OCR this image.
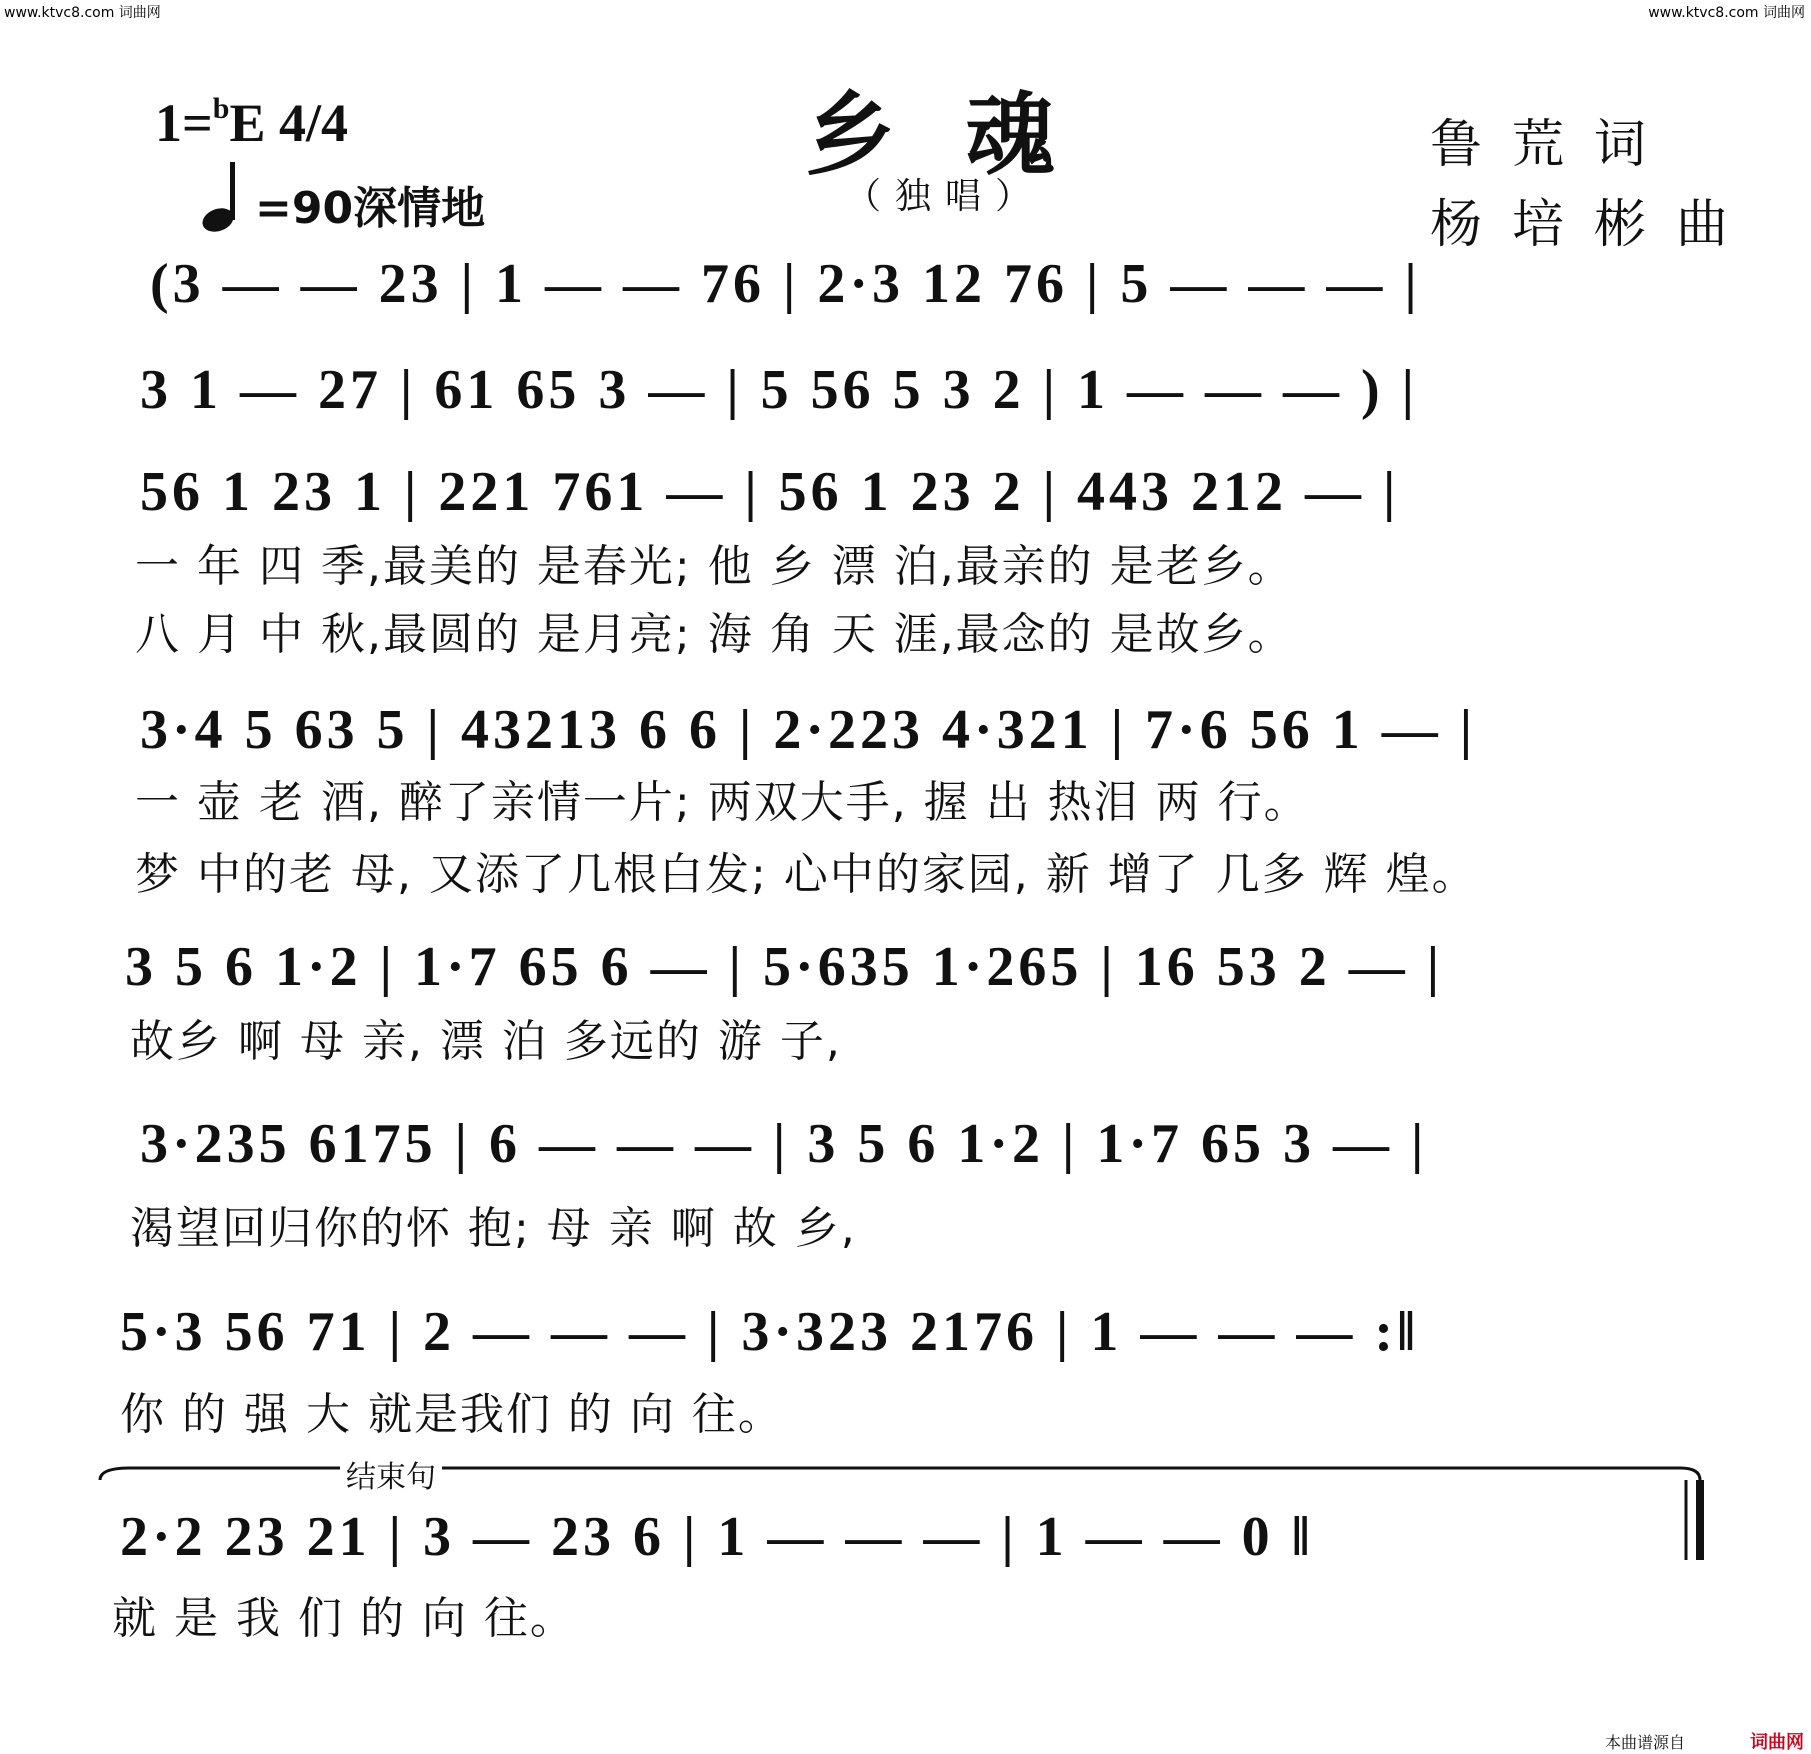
www.ktvc8.com 词曲网	www.ktvc8.com 词曲网
乡魂
（独唱）
1=$^b$E 4/4
=90深情地
鲁荒词
杨培彬曲
(3 — — 23 | 1 — — 76 | 2·3 12 76 | 5 — — — |
3 1 — 27 | 61 65 3 — | 5 56 5 3 2 | 1 — — — ) |
56 1 23 1 | 221 761 — | 56 1 23 2 | 443 212 — |
一 年 四 季,最美的 是春光; 他 乡 漂 泊,最亲的 是老乡。
八 月 中 秋,最圆的 是月亮; 海 角 天 涯,最念的 是故乡。
3·4 5 63 5 | 43213 6 6 | 2·223 4·321 | 7·6 56 1 — |
一 壶 老 酒, 醉了亲情一片; 两双大手, 握 出 热泪 两 行。
梦 中的老 母, 又添了几根白发; 心中的家园, 新 增了 几多 辉 煌。
3 5 6 1·2 | 1·7 65 6 — | 5·635 1·265 | 16 53 2 — |
故乡 啊 母 亲, 漂 泊 多远的 游 子,
3·235 6175 | 6 — — — | 3 5 6 1·2 | 1·7 65 3 — |
渴望回归你的怀 抱; 母 亲 啊 故 乡,
5·3 56 71 | 2 — — — | 3·323 2176 | 1 — — — :‖
你 的 强 大 就是我们 的 向 往。
结束句
2·2 23 21 | 3 — 23 6 | 1 — — — | 1 — — 0 ‖
就 是 我 们 的 向 往。
本曲谱源自	词曲网
